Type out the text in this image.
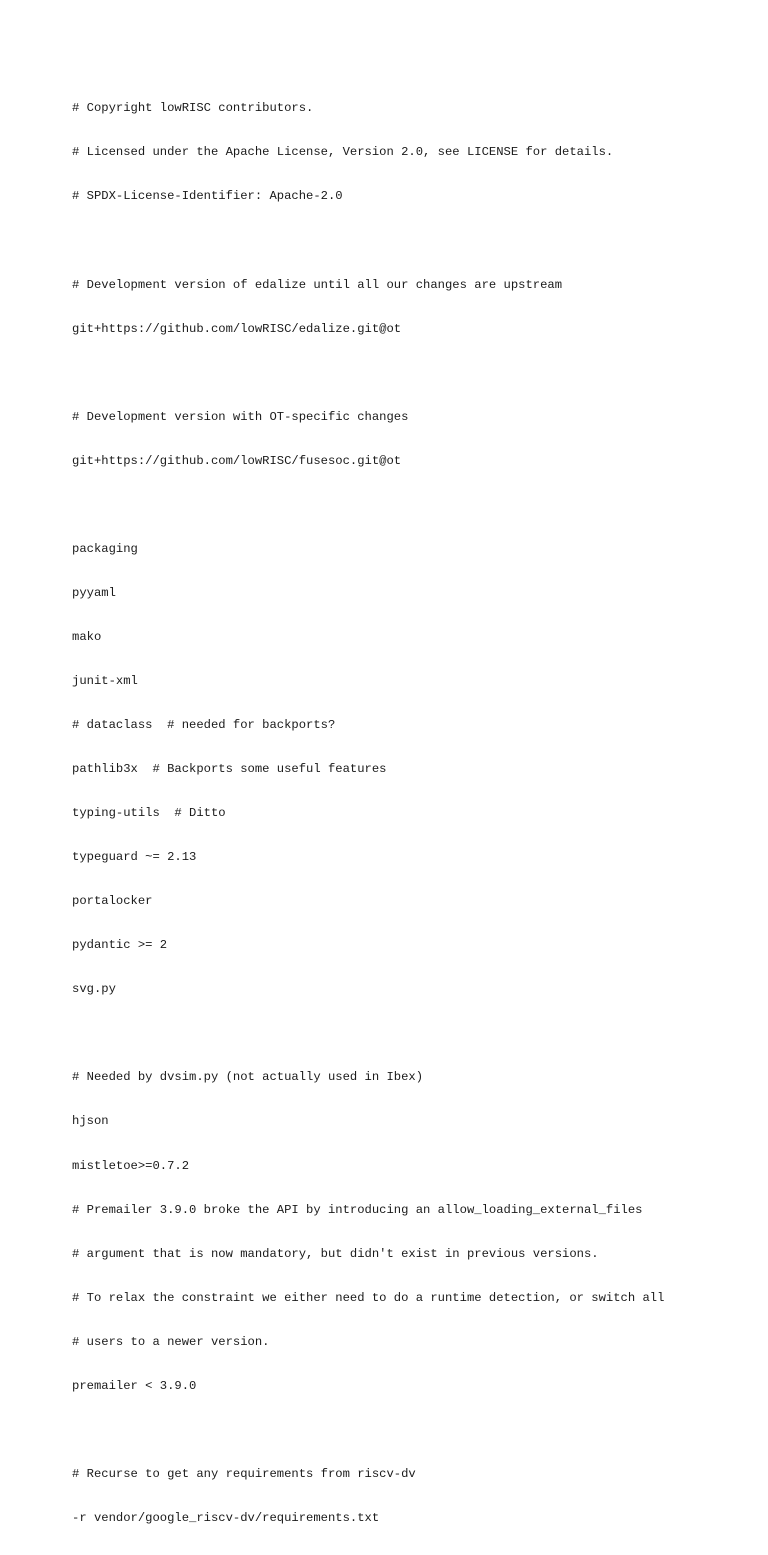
# Copyright lowRISC contributors.

# Licensed under the Apache License, Version 2.0, see LICENSE for details.

# SPDX-License-Identifier: Apache-2.0

# Development version of edalize until all our changes are upstream

git+https://github.com/lowRISC/edalize.git@ot

# Development version with OT-specific changes

git+https://github.com/lowRISC/fusesoc.git@ot

packaging

pyyaml

mako

junit-xml

# dataclass  # needed for backports?

pathlib3x  # Backports some useful features

typing-utils  # Ditto

typeguard ~= 2.13

portalocker

pydantic >= 2

svg.py

# Needed by dvsim.py (not actually used in Ibex)

hjson

mistletoe>=0.7.2

# Premailer 3.9.0 broke the API by introducing an allow_loading_external_files

# argument that is now mandatory, but didn't exist in previous versions.

# To relax the constraint we either need to do a runtime detection, or switch all

# users to a newer version.

premailer < 3.9.0

# Recurse to get any requirements from riscv-dv

-r vendor/google_riscv-dv/requirements.txt
